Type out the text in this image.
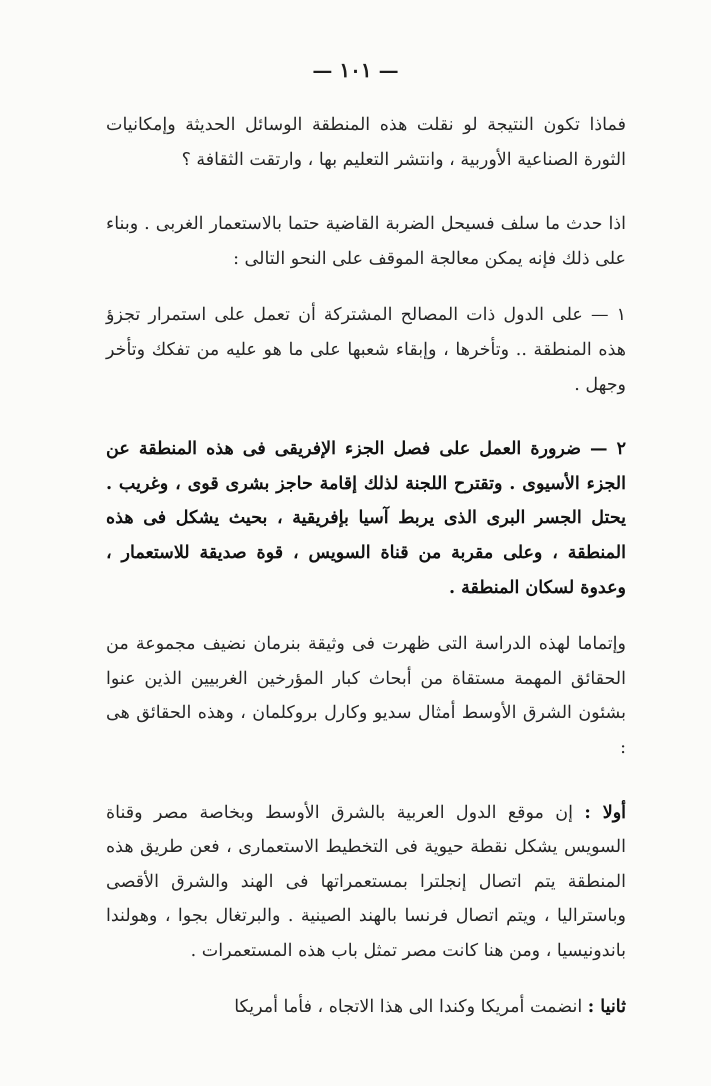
— ١٠١ —

فماذا تكون النتيجة لو نقلت هذه المنطقة الوسائل الحديثة وإمكانيات الثورة الصناعية الأوربية ، وانتشر التعليم بها ، وارتقت الثقافة ؟

اذا حدث ما سلف فسيحل الضربة القاضية حتما بالاستعمار الغربى . وبناء على ذلك فإنه يمكن معالجة الموقف على النحو التالى :

١ — على الدول ذات المصالح المشتركة أن تعمل على استمرار تجزؤ هذه المنطقة .. وتأخرها ، وإبقاء شعبها على ما هو عليه من تفكك وتأخر وجهل .

٢ — ضرورة العمل على فصل الجزء الإفريقى فى هذه المنطقة عن الجزء الأسيوى . وتقترح اللجنة لذلك إقامة حاجز بشرى قوى ، وغريب . يحتل الجسر البرى الذى يربط آسيا بإفريقية ، بحيث يشكل فى هذه المنطقة ، وعلى مقربة من قناة السويس ، قوة صديقة للاستعمار ، وعدوة لسكان المنطقة .

وإتماما لهذه الدراسة التى ظهرت فى وثيقة بنرمان نضيف مجموعة من الحقائق المهمة مستقاة من أبحاث كبار المؤرخين الغربيين الذين عنوا بشئون الشرق الأوسط أمثال سديو وكارل بروكلمان ، وهذه الحقائق هى :

أولا : إن موقع الدول العربية بالشرق الأوسط وبخاصة مصر وقناة السويس يشكل نقطة حيوية فى التخطيط الاستعمارى ، فعن طريق هذه المنطقة يتم اتصال إنجلترا بمستعمراتها فى الهند والشرق الأقصى وباستراليا ، ويتم اتصال فرنسا بالهند الصينية . والبرتغال بجوا ، وهولندا باندونيسيا ، ومن هنا كانت مصر تمثل باب هذه المستعمرات .

ثانيا : انضمت أمريكا وكندا الى هذا الاتجاه ، فأما أمريكا
